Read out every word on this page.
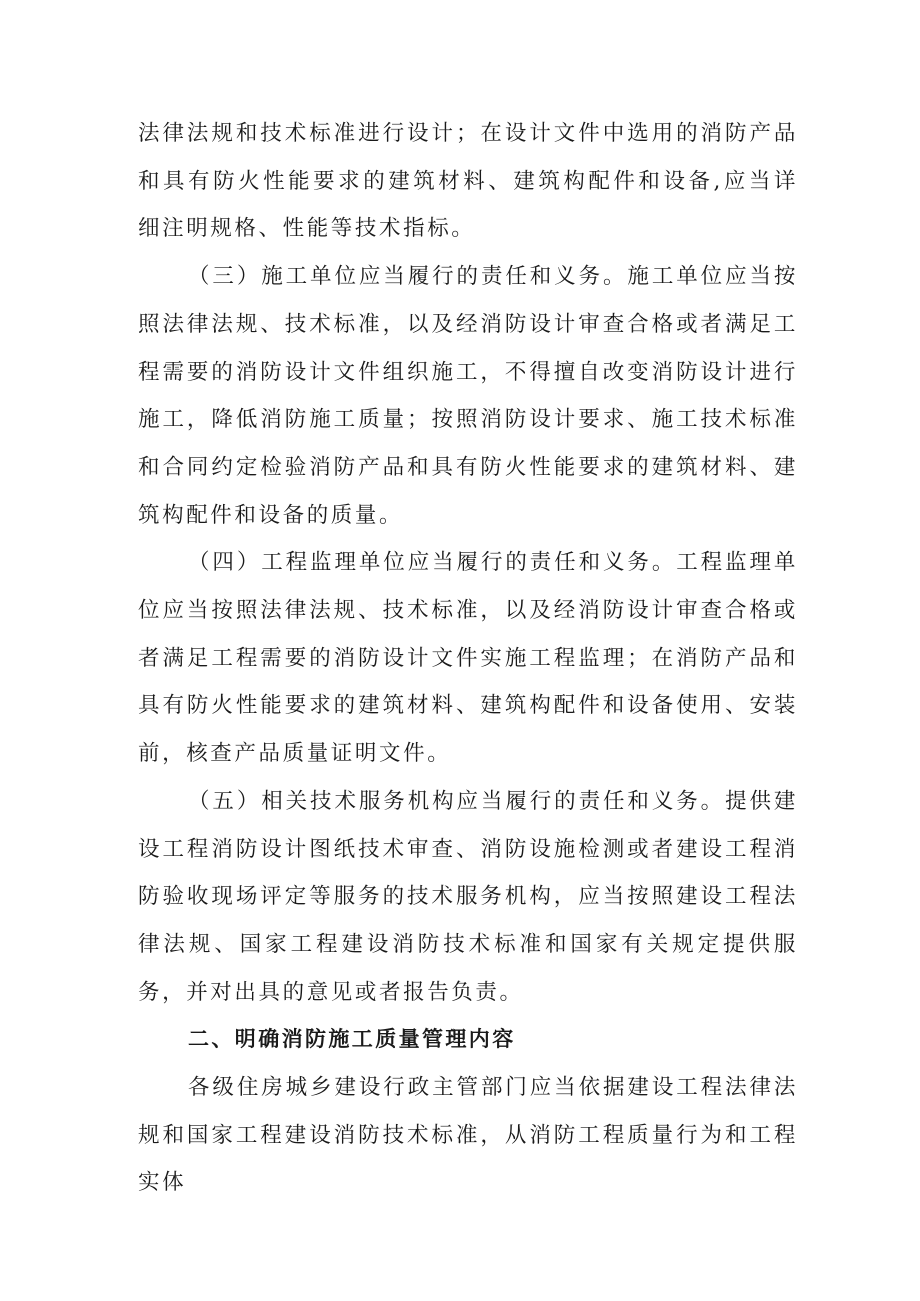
法律法规和技术标准进行设计；在设计文件中选用的消防产品和具有防火性能要求的建筑材料、建筑构配件和设备,应当详细注明规格、性能等技术指标。

（三）施工单位应当履行的责任和义务。施工单位应当按照法律法规、技术标准，以及经消防设计审查合格或者满足工程需要的消防设计文件组织施工，不得擅自改变消防设计进行施工，降低消防施工质量；按照消防设计要求、施工技术标准和合同约定检验消防产品和具有防火性能要求的建筑材料、建筑构配件和设备的质量。

（四）工程监理单位应当履行的责任和义务。工程监理单位应当按照法律法规、技术标准，以及经消防设计审查合格或者满足工程需要的消防设计文件实施工程监理；在消防产品和具有防火性能要求的建筑材料、建筑构配件和设备使用、安装前，核查产品质量证明文件。

（五）相关技术服务机构应当履行的责任和义务。提供建设工程消防设计图纸技术审查、消防设施检测或者建设工程消防验收现场评定等服务的技术服务机构，应当按照建设工程法律法规、国家工程建设消防技术标准和国家有关规定提供服务，并对出具的意见或者报告负责。

二、明确消防施工质量管理内容

各级住房城乡建设行政主管部门应当依据建设工程法律法规和国家工程建设消防技术标准，从消防工程质量行为和工程实体
